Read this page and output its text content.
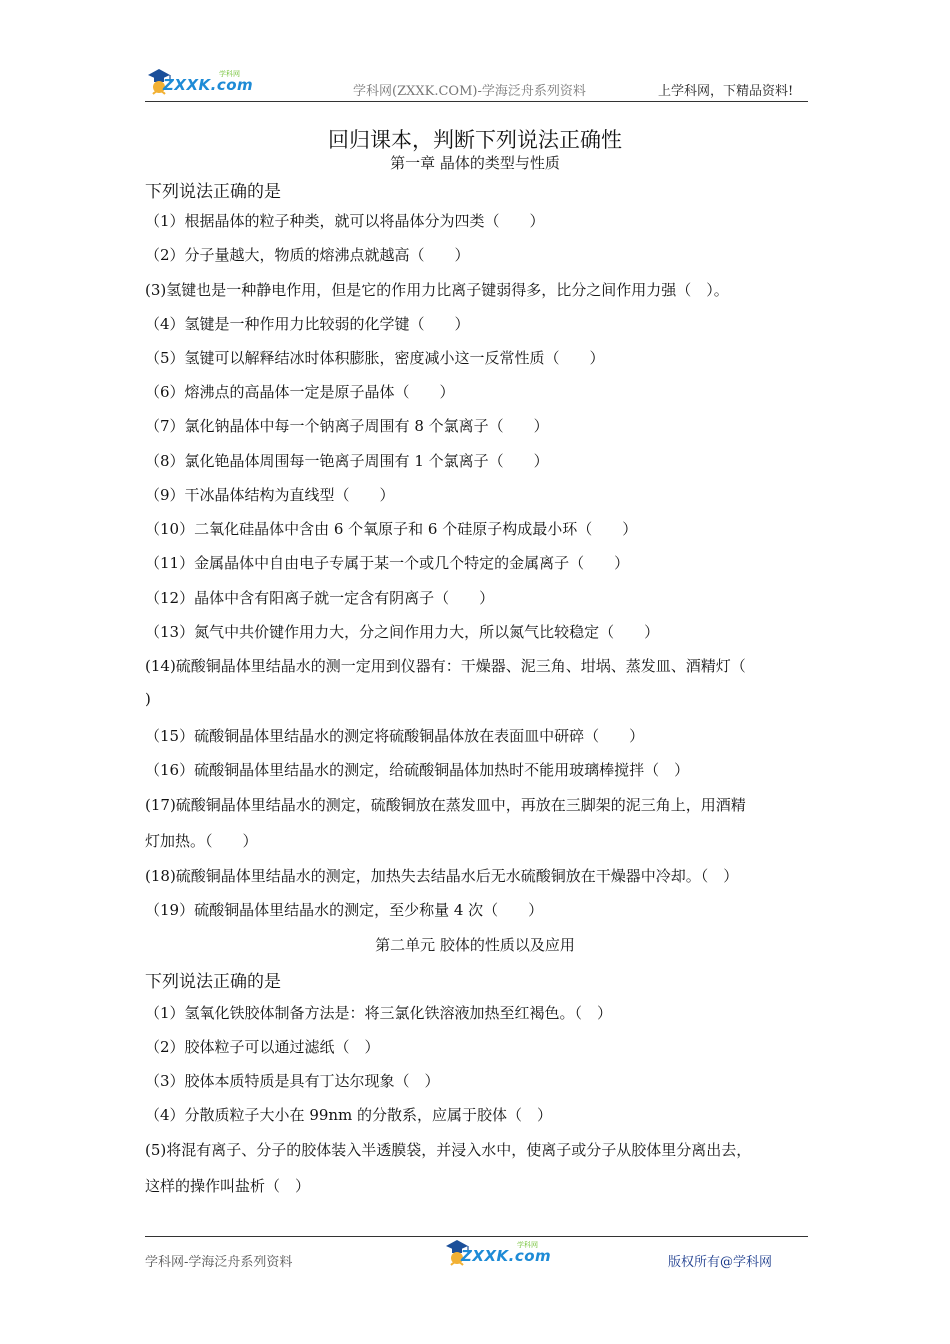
ZXXK.com
学科网
学科网(ZXXK.COM)-学海泛舟系列资料	上学科网，下精品资料!
回归课本，判断下列说法正确性
第一章 晶体的类型与性质
下列说法正确的是
（1）根据晶体的粒子种类，就可以将晶体分为四类（　　）
（2）分子量越大，物质的熔沸点就越高（　　）
(3)氢键也是一种静电作用，但是它的作用力比离子键弱得多，比分之间作用力强（　）。
（4）氢键是一种作用力比较弱的化学键（　　）
（5）氢键可以解释结冰时体积膨胀，密度减小这一反常性质（　　）
（6）熔沸点的高晶体一定是原子晶体（　　）
（7）氯化钠晶体中每一个钠离子周围有 8 个氯离子（　　）
（8）氯化铯晶体周围每一铯离子周围有 1 个氯离子（　　）
（9）干冰晶体结构为直线型（　　）
（10）二氧化硅晶体中含由 6 个氧原子和 6 个硅原子构成最小环（　　）
（11）金属晶体中自由电子专属于某一个或几个特定的金属离子（　　）
（12）晶体中含有阳离子就一定含有阴离子（　　）
（13）氮气中共价键作用力大，分之间作用力大，所以氮气比较稳定（　　）
(14)硫酸铜晶体里结晶水的测一定用到仪器有：干燥器、泥三角、坩埚、蒸发皿、酒精灯（
)
（15）硫酸铜晶体里结晶水的测定将硫酸铜晶体放在表面皿中研碎（　　）
（16）硫酸铜晶体里结晶水的测定，给硫酸铜晶体加热时不能用玻璃棒搅拌（　）
(17)硫酸铜晶体里结晶水的测定，硫酸铜放在蒸发皿中，再放在三脚架的泥三角上，用酒精
灯加热。（　　）
(18)硫酸铜晶体里结晶水的测定，加热失去结晶水后无水硫酸铜放在干燥器中冷却。（　）
（19）硫酸铜晶体里结晶水的测定，至少称量 4 次（　　）
第二单元 胶体的性质以及应用
下列说法正确的是
（1）氢氧化铁胶体制备方法是：将三氯化铁溶液加热至红褐色。（　）
（2）胶体粒子可以通过滤纸（　）
（3）胶体本质特质是具有丁达尔现象（　）
（4）分散质粒子大小在 99nm 的分散系，应属于胶体（　）
(5)将混有离子、分子的胶体装入半透膜袋，并浸入水中，使离子或分子从胶体里分离出去，
这样的操作叫盐析（　）
学科网-学海泛舟系列资料	ZXXK.com
学科网
版权所有@学科网
